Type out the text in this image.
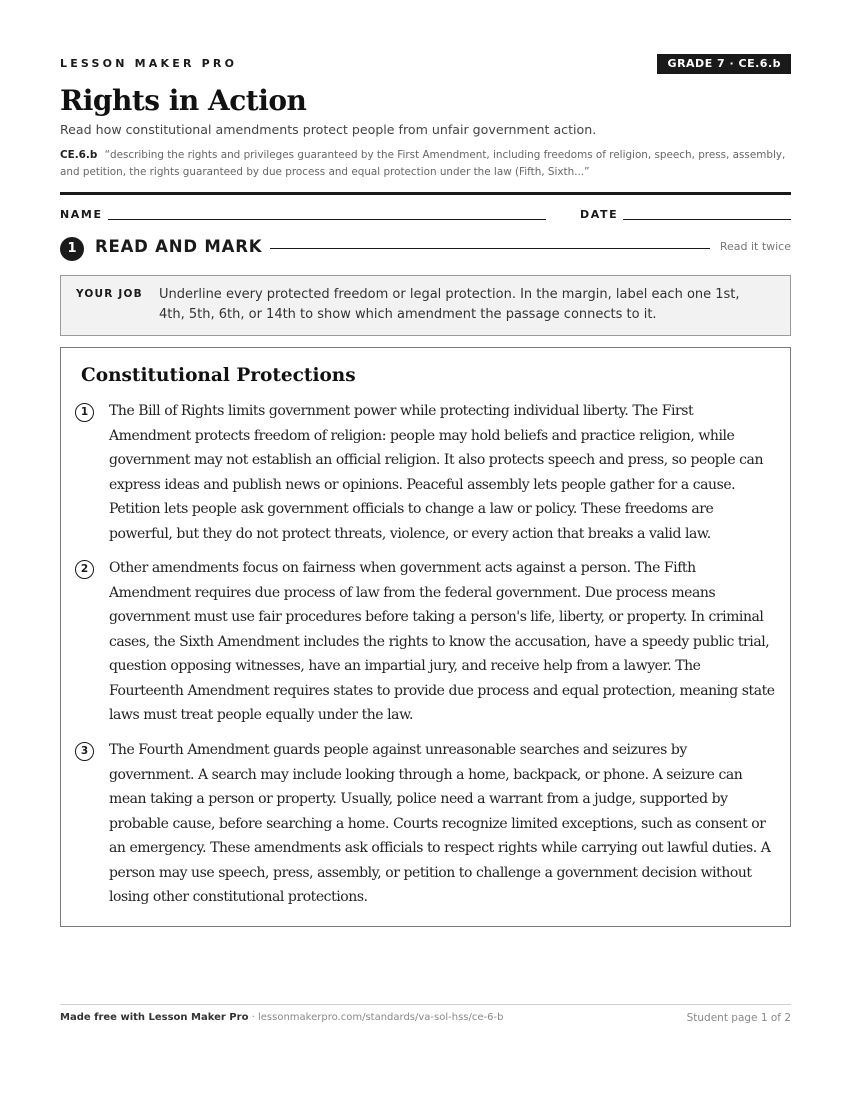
LESSON MAKER PRO	GRADE 7 · CE.6.b
Rights in Action
Read how constitutional amendments protect people from unfair government action.
CE.6.b “describing the rights and privileges guaranteed by the First Amendment, including freedoms of religion, speech, press, assembly, and petition, the rights guaranteed by due process and equal protection under the law (Fifth, Sixth...”
NAME	DATE
1	READ AND MARK	Read it twice
YOUR JOB Underline every protected freedom or legal protection. In the margin, label each one 1st, 4th, 5th, 6th, or 14th to show which amendment the passage connects to it.
Constitutional Protections
1	The Bill of Rights limits government power while protecting individual liberty. The First Amendment protects freedom of religion: people may hold beliefs and practice religion, while government may not establish an official religion. It also protects speech and press, so people can express ideas and publish news or opinions. Peaceful assembly lets people gather for a cause. Petition lets people ask government officials to change a law or policy. These freedoms are powerful, but they do not protect threats, violence, or every action that breaks a valid law.

2	Other amendments focus on fairness when government acts against a person. The Fifth Amendment requires due process of law from the federal government. Due process means government must use fair procedures before taking a person's life, liberty, or property. In criminal cases, the Sixth Amendment includes the rights to know the accusation, have a speedy public trial, question opposing witnesses, have an impartial jury, and receive help from a lawyer. The Fourteenth Amendment requires states to provide due process and equal protection, meaning state laws must treat people equally under the law.

3	The Fourth Amendment guards people against unreasonable searches and seizures by government. A search may include looking through a home, backpack, or phone. A seizure can mean taking a person or property. Usually, police need a warrant from a judge, supported by probable cause, before searching a home. Courts recognize limited exceptions, such as consent or an emergency. These amendments ask officials to respect rights while carrying out lawful duties. A person may use speech, press, assembly, or petition to challenge a government decision without losing other constitutional protections.

Made free with Lesson Maker Pro · lessonmakerpro.com/standards/va-sol-hss/ce-6-b	Student page 1 of 2
